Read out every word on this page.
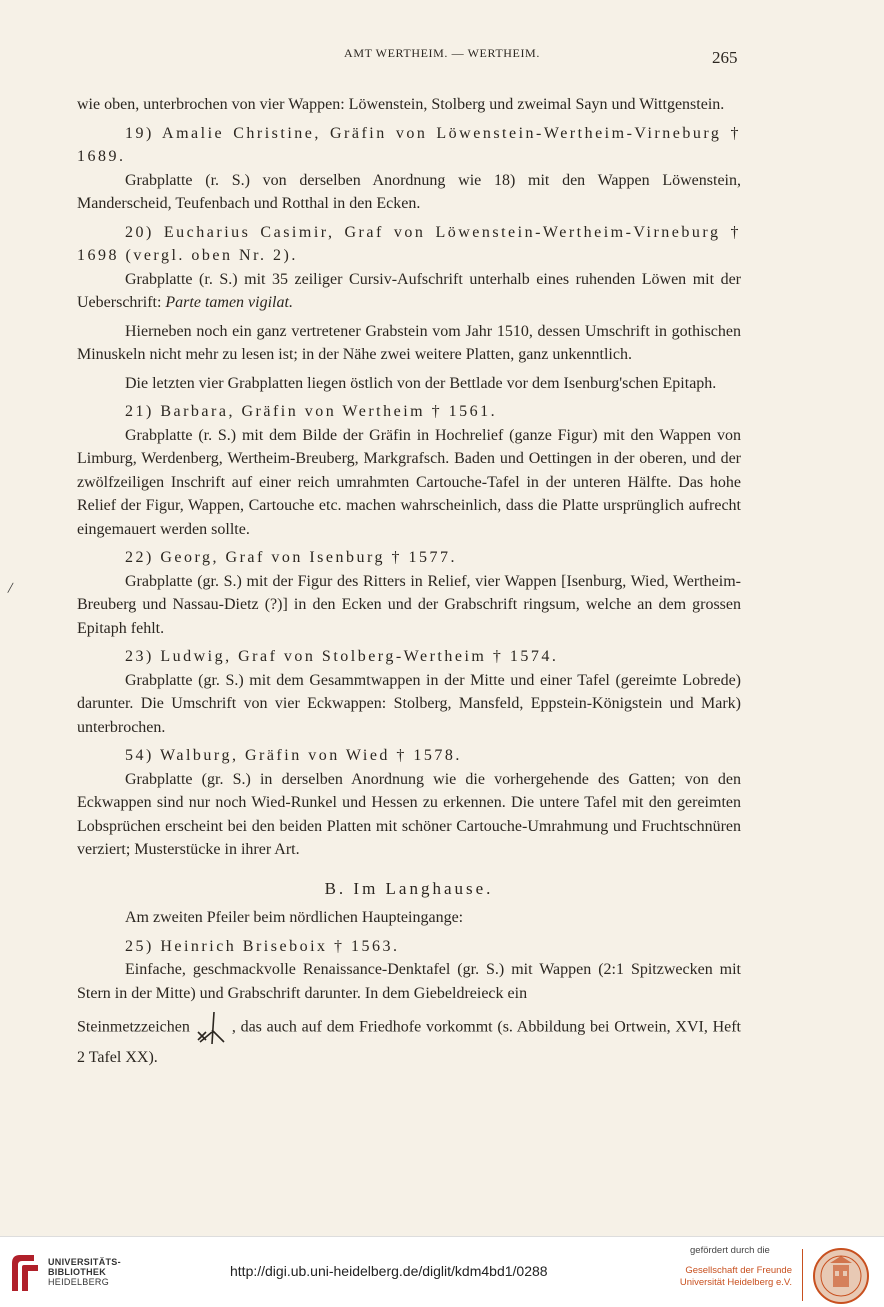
AMT WERTHEIM. — WERTHEIM.	265
/

wie oben, unterbrochen von vier Wappen: Löwenstein, Stolberg und zweimal Sayn und Wittgenstein.

19) Amalie Christine, Gräfin von Löwenstein-Wertheim-Virneburg † 1689.

Grabplatte (r. S.) von derselben Anordnung wie 18) mit den Wappen Löwenstein, Manderscheid, Teufenbach und Rotthal in den Ecken.

20) Eucharius Casimir, Graf von Löwenstein-Wertheim-Virneburg † 1698 (vergl. oben Nr. 2).

Grabplatte (r. S.) mit 35 zeiliger Cursiv-Aufschrift unterhalb eines ruhenden Löwen mit der Ueberschrift: Parte tamen vigilat.

Hierneben noch ein ganz vertretener Grabstein vom Jahr 1510, dessen Umschrift in gothischen Minuskeln nicht mehr zu lesen ist; in der Nähe zwei weitere Platten, ganz unkenntlich.

Die letzten vier Grabplatten liegen östlich von der Bettlade vor dem Isenburg'schen Epitaph.

21) Barbara, Gräfin von Wertheim † 1561.

Grabplatte (r. S.) mit dem Bilde der Gräfin in Hochrelief (ganze Figur) mit den Wappen von Limburg, Werdenberg, Wertheim-Breuberg, Markgrafsch. Baden und Oettingen in der oberen, und der zwölfzeiligen Inschrift auf einer reich umrahmten Cartouche-Tafel in der unteren Hälfte. Das hohe Relief der Figur, Wappen, Cartouche etc. machen wahrscheinlich, dass die Platte ursprünglich aufrecht eingemauert werden sollte.

22) Georg, Graf von Isenburg † 1577.

Grabplatte (gr. S.) mit der Figur des Ritters in Relief, vier Wappen [Isenburg, Wied, Wertheim-Breuberg und Nassau-Dietz (?)] in den Ecken und der Grabschrift ringsum, welche an dem grossen Epitaph fehlt.

23) Ludwig, Graf von Stolberg-Wertheim † 1574.

Grabplatte (gr. S.) mit dem Gesammtwappen in der Mitte und einer Tafel (gereimte Lobrede) darunter. Die Umschrift von vier Eckwappen: Stolberg, Mansfeld, Eppstein-Königstein und Mark) unterbrochen.

54) Walburg, Gräfin von Wied † 1578.

Grabplatte (gr. S.) in derselben Anordnung wie die vorhergehende des Gatten; von den Eckwappen sind nur noch Wied-Runkel und Hessen zu erkennen. Die untere Tafel mit den gereimten Lobsprüchen erscheint bei den beiden Platten mit schöner Cartouche-Umrahmung und Fruchtschnüren verziert; Musterstücke in ihrer Art.

B. Im Langhause.

Am zweiten Pfeiler beim nördlichen Haupteingange:

25) Heinrich Briseboix † 1563.

Einfache, geschmackvolle Renaissance-Denktafel (gr. S.) mit Wappen (2:1 Spitzwecken mit Stern in der Mitte) und Grabschrift darunter. In dem Giebeldreieck ein

Steinmetzzeichen	, das auch auf dem Friedhofe vorkommt (s. Abbildung bei Ortwein, XVI, Heft 2 Tafel XX).

UNIVERSITÄTS-
BIBLIOTHEK
HEIDELBERG
http://digi.ub.uni-heidelberg.de/diglit/kdm4bd1/0288
gefördert durch die
Gesellschaft der Freunde
Universität Heidelberg e.V.
